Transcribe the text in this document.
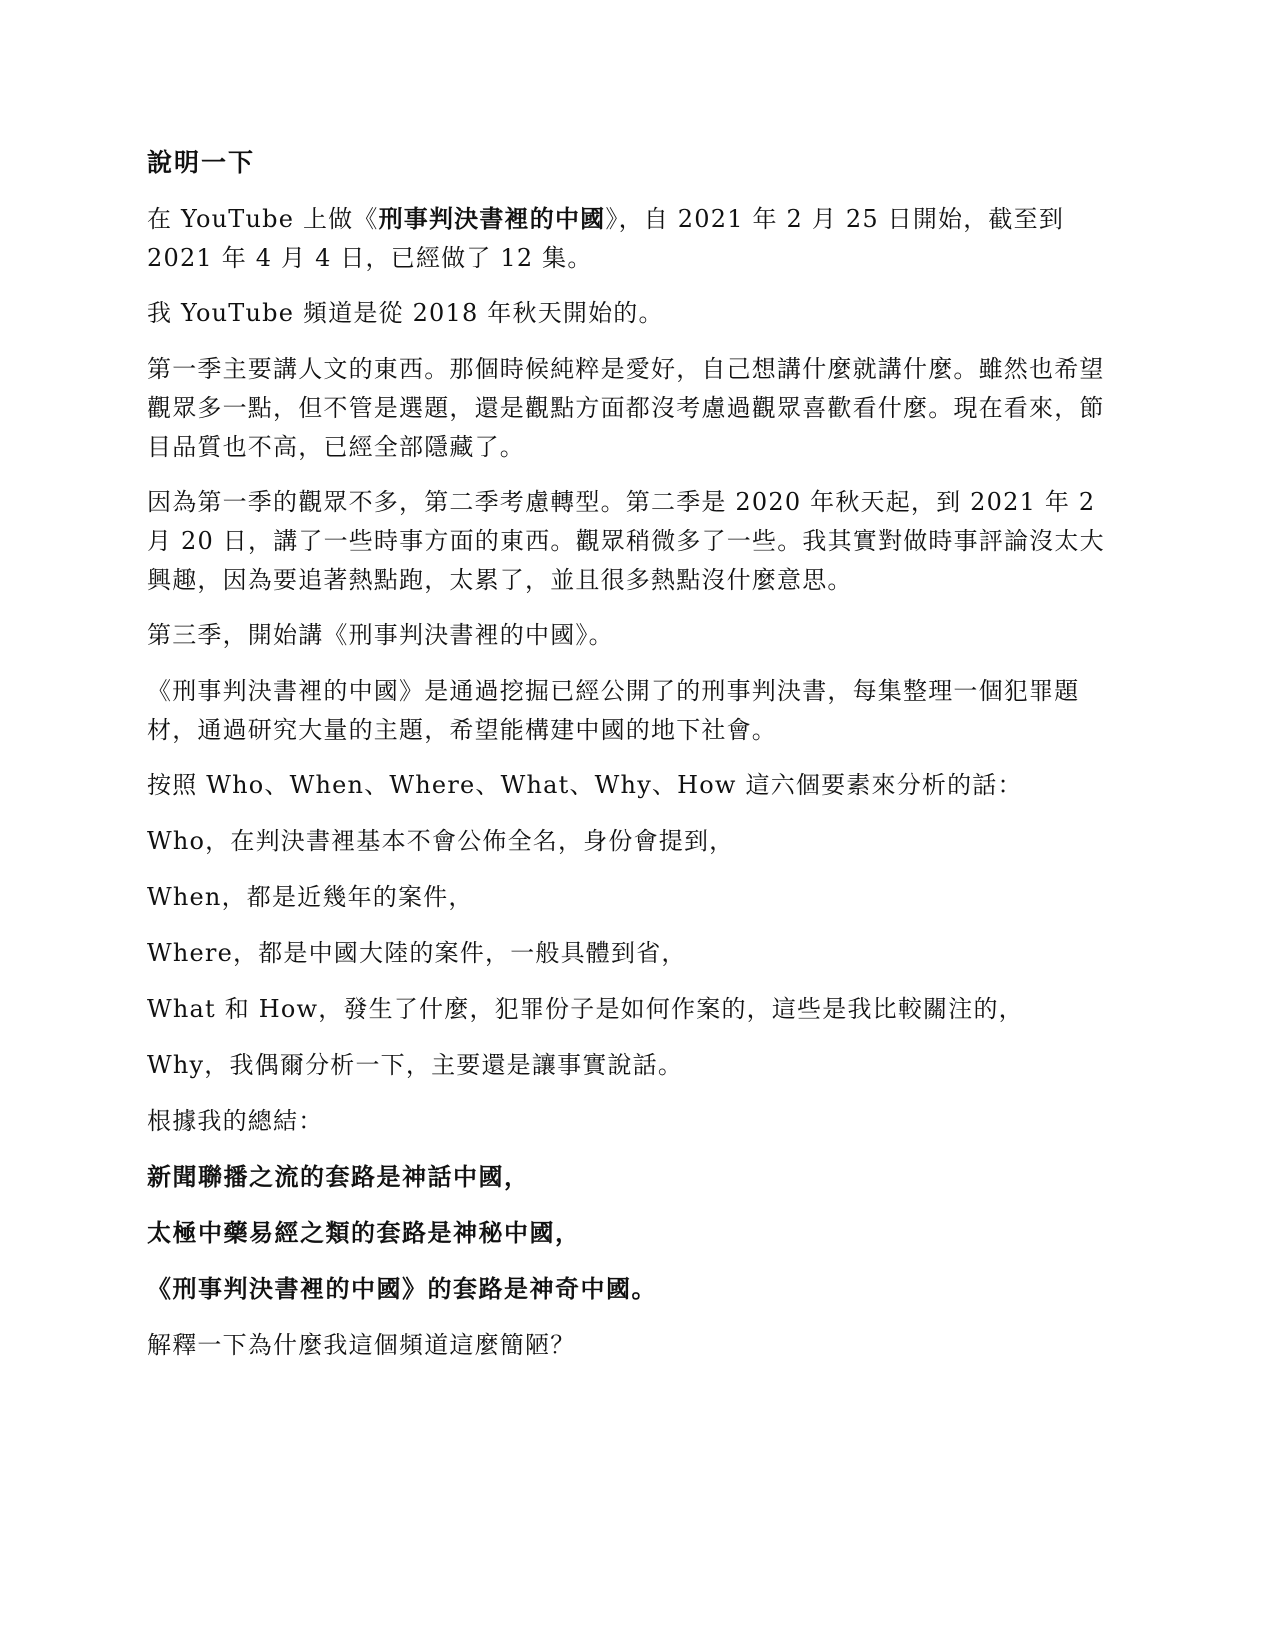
說明一下

在 YouTube 上做《刑事判決書裡的中國》，自 2021 年 2 月 25 日開始，截至到 2021 年 4 月 4 日，已經做了 12 集。

我 YouTube 頻道是從 2018 年秋天開始的。

第一季主要講人文的東西。那個時候純粹是愛好，自己想講什麼就講什麼。雖然也希望觀眾多一點，但不管是選題，還是觀點方面都沒考慮過觀眾喜歡看什麼。現在看來，節目品質也不高，已經全部隱藏了。

因為第一季的觀眾不多，第二季考慮轉型。第二季是 2020 年秋天起，到 2021 年 2 月 20 日，講了一些時事方面的東西。觀眾稍微多了一些。我其實對做時事評論沒太大興趣，因為要追著熱點跑，太累了，並且很多熱點沒什麼意思。

第三季，開始講《刑事判決書裡的中國》。

《刑事判決書裡的中國》是通過挖掘已經公開了的刑事判決書，每集整理一個犯罪題材，通過研究大量的主題，希望能構建中國的地下社會。

按照 Who、When、Where、What、Why、How 這六個要素來分析的話：

Who，在判決書裡基本不會公佈全名，身份會提到，

When，都是近幾年的案件，

Where，都是中國大陸的案件，一般具體到省，

What 和 How，發生了什麼，犯罪份子是如何作案的，這些是我比較關注的，

Why，我偶爾分析一下，主要還是讓事實說話。

根據我的總結：

新聞聯播之流的套路是神話中國，

太極中藥易經之類的套路是神秘中國，

《刑事判決書裡的中國》的套路是神奇中國。

解釋一下為什麼我這個頻道這麼簡陋？
